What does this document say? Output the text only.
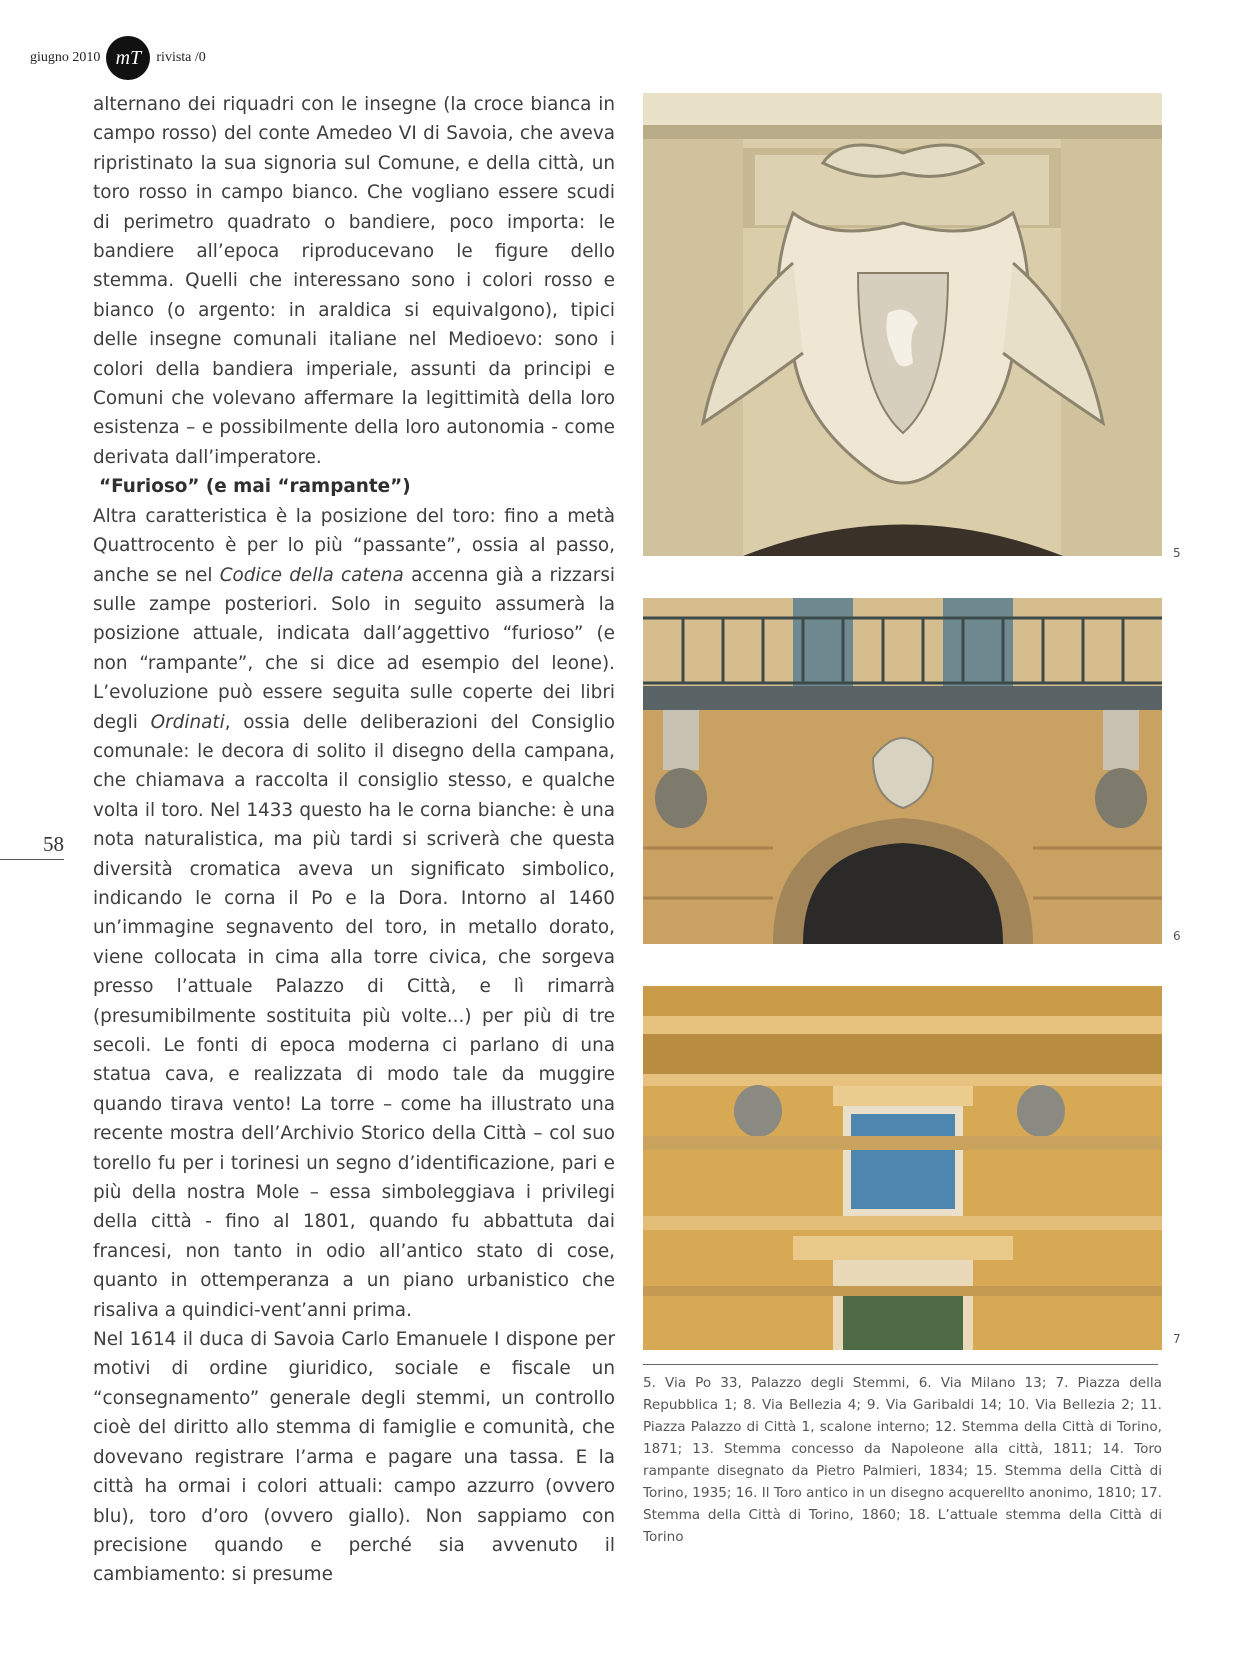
giugno 2010 mT	rivista /0
58

alternano dei riquadri con le insegne (la croce bianca in campo rosso) del conte Amedeo VI di Savoia, che aveva ripristinato la sua signoria sul Comune, e della città, un toro rosso in campo bianco. Che vogliano essere scudi di perimetro quadrato o bandiere, poco importa: le bandiere all’epoca riproducevano le figure dello stemma. Quelli che interessano sono i colori rosso e bianco (o argento: in araldica si equivalgono), tipici delle insegne comunali italiane nel Medioevo: sono i colori della bandiera imperiale, assunti da principi e Comuni che volevano affermare la legittimità della loro esistenza – e possibilmente della loro autonomia - come derivata dall’imperatore.

“Furioso” (e mai “rampante”)

Altra caratteristica è la posizione del toro: fino a metà Quattrocento è per lo più “passante”, ossia al passo, anche se nel Codice della catena accenna già a rizzarsi sulle zampe posteriori. Solo in seguito assumerà la posizione attuale, indicata dall’aggettivo “furioso” (e non “rampante”, che si dice ad esempio del leone). L’evoluzione può essere seguita sulle coperte dei libri degli Ordinati, ossia delle deliberazioni del Consiglio comunale: le decora di solito il disegno della campana, che chiamava a raccolta il consiglio stesso, e qualche volta il toro. Nel 1433 questo ha le corna bianche: è una nota naturalistica, ma più tardi si scriverà che questa diversità cromatica aveva un significato simbolico, indicando le corna il Po e la Dora. Intorno al 1460 un’immagine segnavento del toro, in metallo dorato, viene collocata in cima alla torre civica, che sorgeva presso l’attuale Palazzo di Città, e lì rimarrà (presumibilmente sostituita più volte...) per più di tre secoli. Le fonti di epoca moderna ci parlano di una statua cava, e realizzata di modo tale da muggire quando tirava vento! La torre – come ha illustrato una recente mostra dell’Archivio Storico della Città – col suo torello fu per i torinesi un segno d’identificazione, pari e più della nostra Mole – essa simboleggiava i privilegi della città - fino al 1801, quando fu abbattuta dai francesi, non tanto in odio all’antico stato di cose, quanto in ottemperanza a un piano urbanistico che risaliva a quindici-vent’anni prima.

Nel 1614 il duca di Savoia Carlo Emanuele I dispone per motivi di ordine giuridico, sociale e fiscale un “consegnamento” generale degli stemmi, un controllo cioè del diritto allo stemma di famiglie e comunità, che dovevano registrare l’arma e pagare una tassa. E la città ha ormai i colori attuali: campo azzurro (ovvero blu), toro d’oro (ovvero giallo). Non sappiamo con precisione quando e perché sia avvenuto il cambiamento: si presume

5
6
7
5. Via Po 33, Palazzo degli Stemmi, 6. Via Milano 13; 7. Piazza della Repubblica 1; 8. Via Bellezia 4; 9. Via Garibaldi 14; 10. Via Bellezia 2; 11. Piazza Palazzo di Città 1, scalone interno; 12. Stemma della Città di Torino, 1871; 13. Stemma concesso da Napoleone alla città, 1811; 14. Toro rampante disegnato da Pietro Palmieri, 1834; 15. Stemma della Città di Torino, 1935; 16. Il Toro antico in un disegno acquerellto anonimo, 1810; 17. Stemma della Città di Torino, 1860; 18. L’attuale stemma della Città di Torino
